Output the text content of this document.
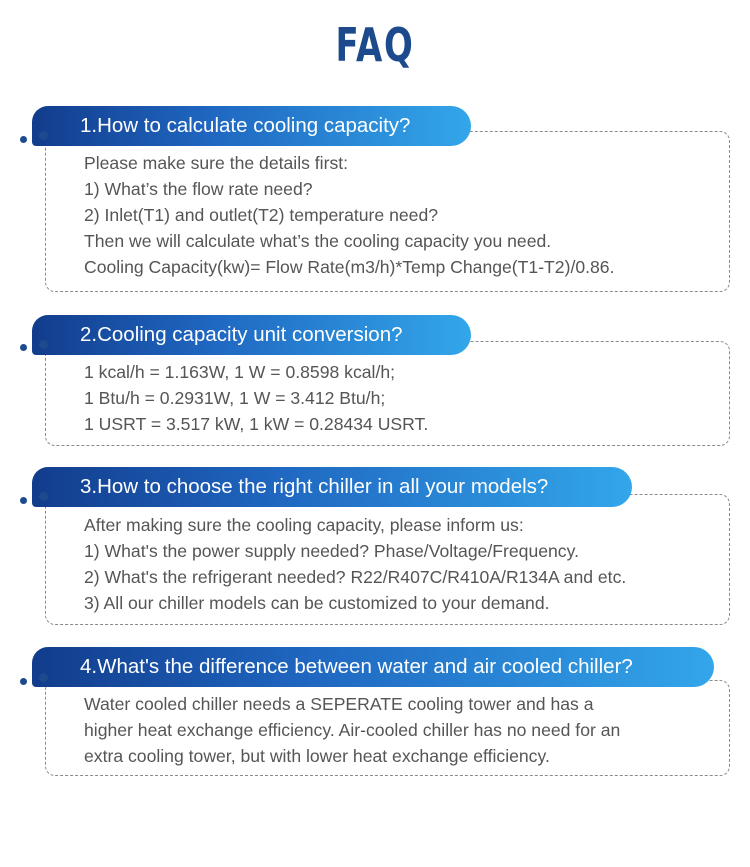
FAQ
Please make sure the details first:
1) What’s the flow rate need?
2) Inlet(T1) and outlet(T2) temperature need?
Then we will calculate what’s the cooling capacity you need.
Cooling Capacity(kw)= Flow Rate(m3/h)*Temp Change(T1-T2)/0.86.
1.How to calculate cooling capacity?
1 kcal/h = 1.163W, 1 W = 0.8598 kcal/h;
1 Btu/h = 0.2931W, 1 W = 3.412 Btu/h;
1 USRT = 3.517 kW, 1 kW = 0.28434 USRT.
2.Cooling capacity unit conversion?
After making sure the cooling capacity, please inform us:
1) What's the power supply needed? Phase/Voltage/Frequency.
2) What's the refrigerant needed? R22/R407C/R410A/R134A and etc.
3) All our chiller models can be customized to your demand.
3.How to choose the right chiller in all your models?
Water cooled chiller needs a SEPERATE cooling tower and has a
higher heat exchange efficiency. Air-cooled chiller has no need for an
extra cooling tower, but with lower heat exchange efficiency.
4.What's the difference between water and air cooled chiller?
